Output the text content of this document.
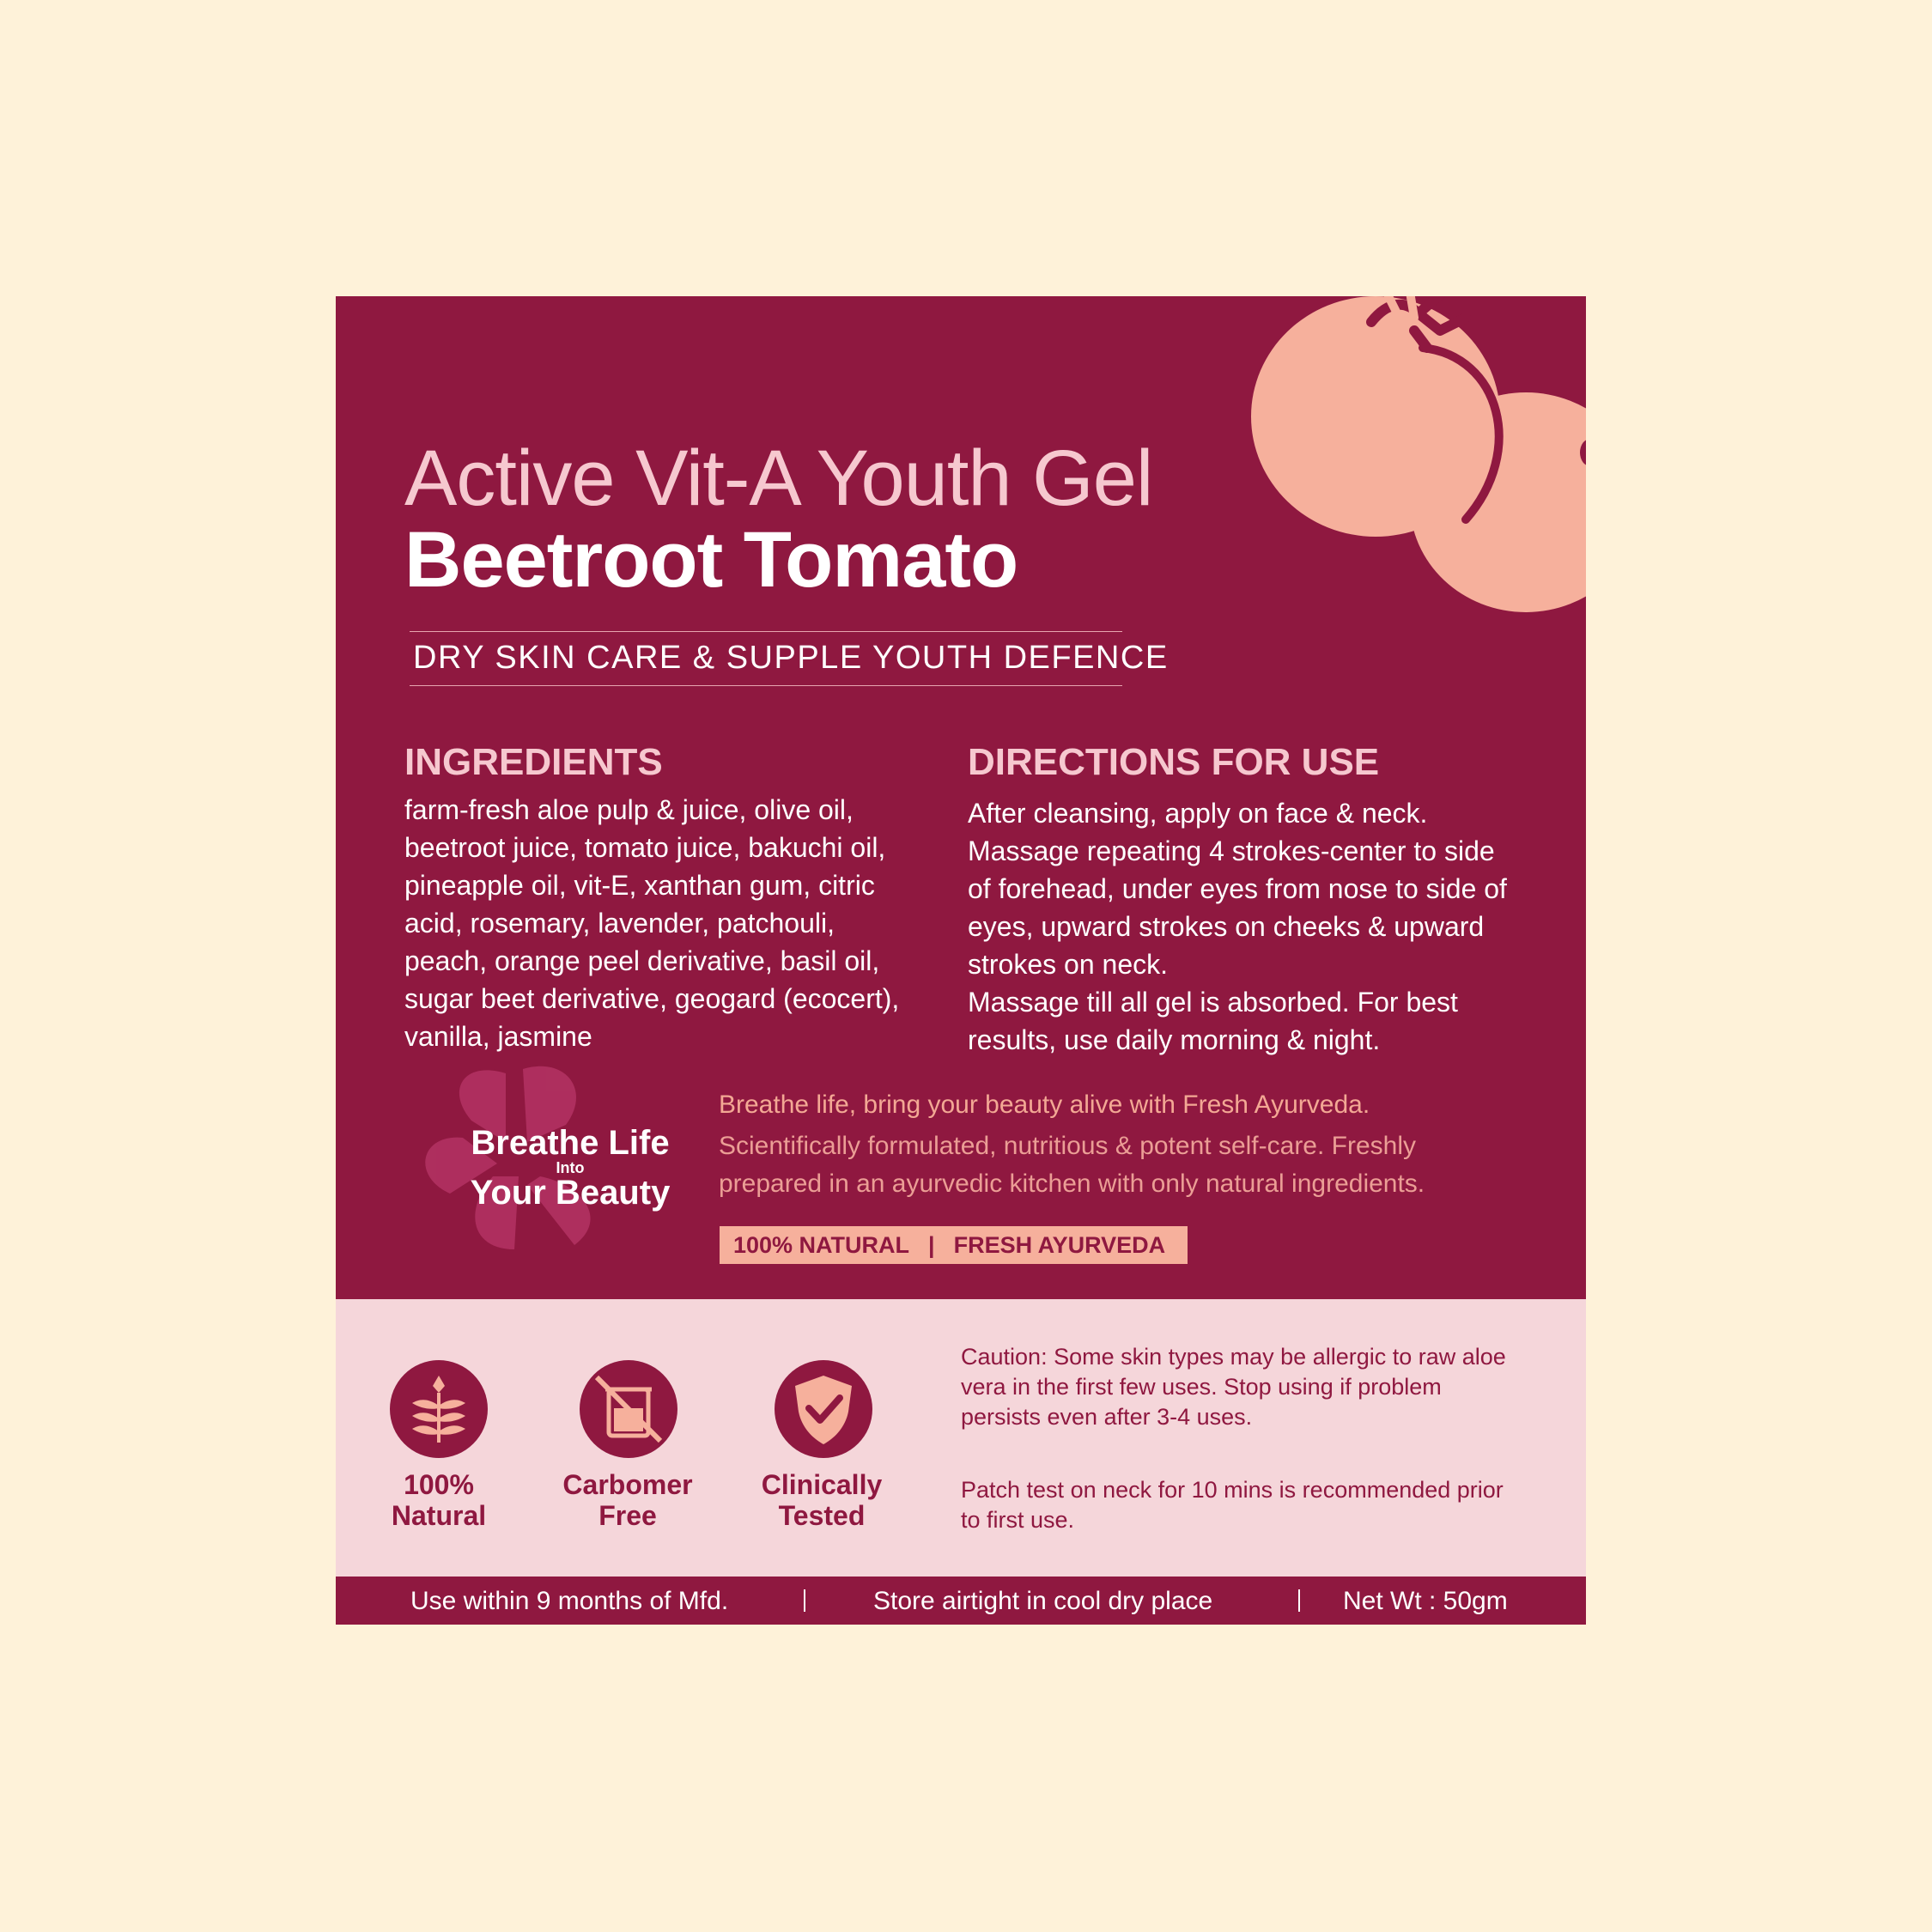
Active Vit-A Youth Gel
Beetroot Tomato
DRY SKIN CARE & SUPPLE YOUTH DEFENCE
INGREDIENTS

farm-fresh aloe pulp & juice, olive oil, beetroot juice, tomato juice, bakuchi oil, pineapple oil, vit-E, xanthan gum, citric acid, rosemary, lavender, patchouli, peach, orange peel derivative, basil oil, sugar beet derivative, geogard (ecocert), vanilla, jasmine

DIRECTIONS FOR USE

After cleansing, apply on face & neck. Massage repeating 4 strokes-center to side of forehead, under eyes from nose to side of eyes, upward strokes on cheeks & upward strokes on neck.

Massage till all gel is absorbed. For best results, use daily morning & night.

Breathe Life
Into
Your Beauty
Breathe life, bring your beauty alive with Fresh Ayurveda.
Scientifically formulated, nutritious & potent self-care. Freshly prepared in an ayurvedic kitchen with only natural ingredients.
100% NATURAL | FRESH AYURVEDA
100%
Natural
Carbomer
Free
Clinically
Tested

Caution: Some skin types may be allergic to raw aloe vera in the first few uses. Stop using if problem persists even after 3-4 uses.

Patch test on neck for 10 mins is recommended prior to first use.

Use within 9 months of Mfd.	Store airtight in cool dry place	Net Wt : 50gm
